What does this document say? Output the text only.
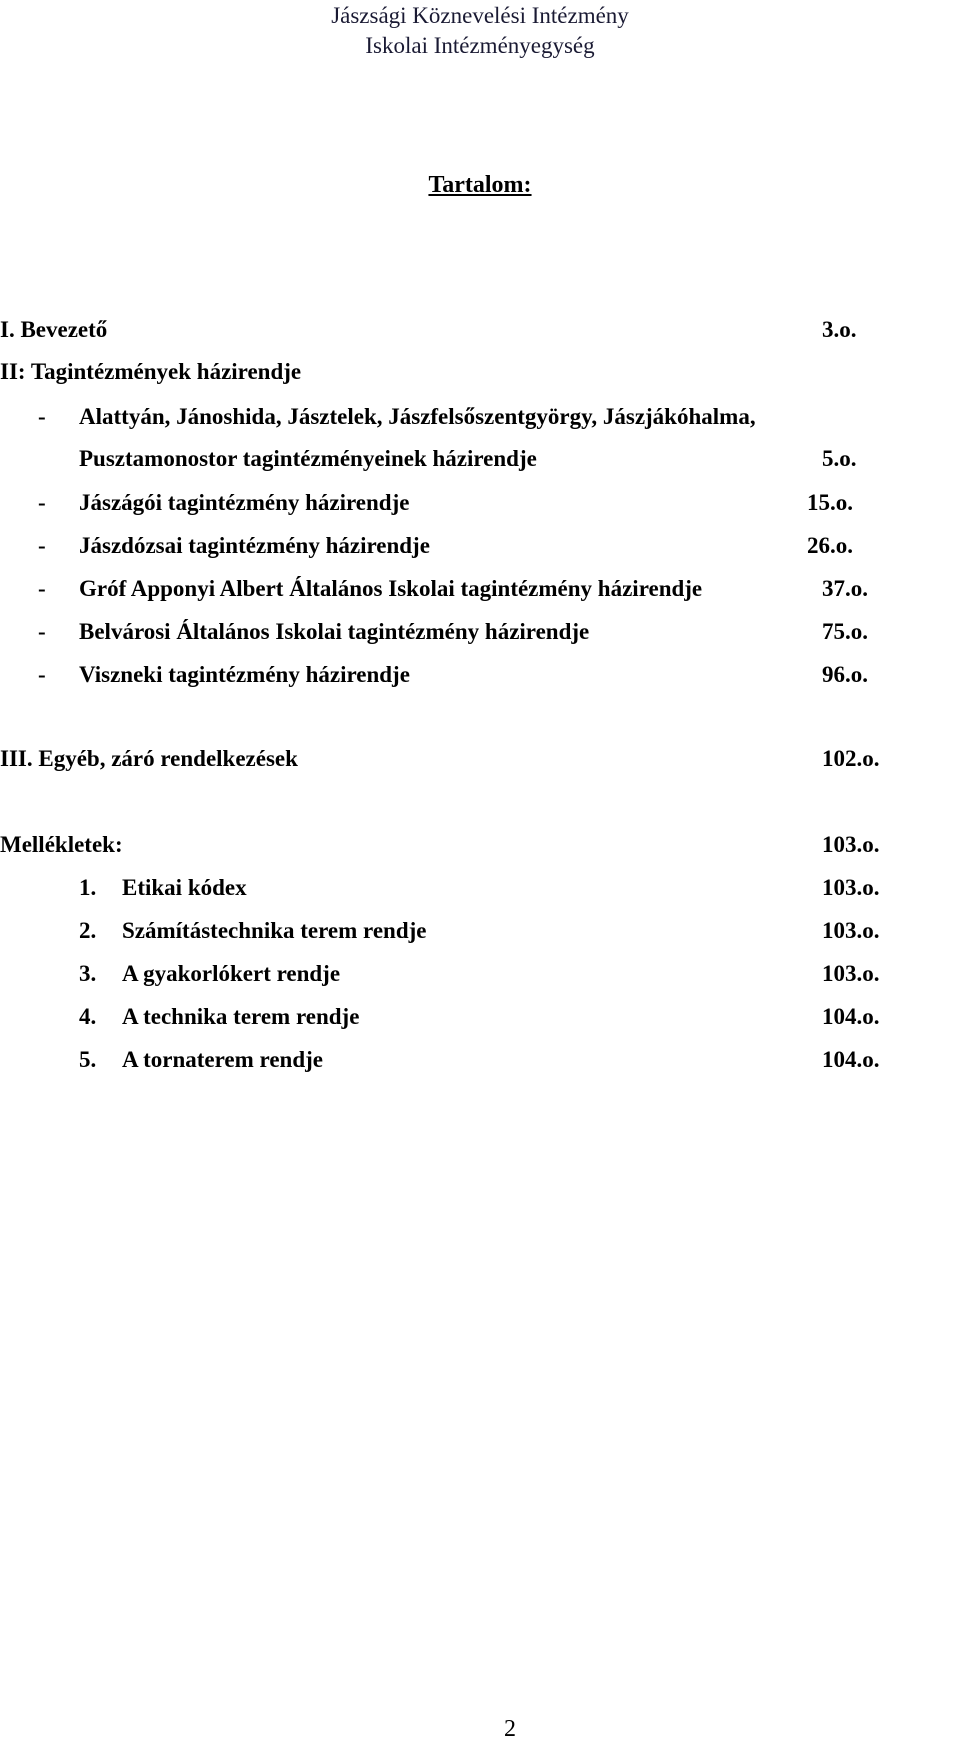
Jászsági Köznevelési Intézmény
Iskolai Intézményegység
Tartalom:
I. Bevezető	3.o.
II: Tagintézmények házirendje
- Alattyán, Jánoshida, Jásztelek, Jászfelsőszentgyörgy, Jászjákóhalma,
Pusztamonostor tagintézményeinek házirendje	5.o.
- Jászágói tagintézmény házirendje	15.o.
- Jászdózsai tagintézmény házirendje	26.o.
- Gróf Apponyi Albert Általános Iskolai tagintézmény házirendje	37.o.
- Belvárosi Általános Iskolai tagintézmény házirendje	75.o.
- Viszneki tagintézmény házirendje	96.o.
III. Egyéb, záró rendelkezések	102.o.
Mellékletek:	103.o.
1. Etikai kódex	103.o.
2. Számítástechnika terem rendje	103.o.
3. A gyakorlókert rendje	103.o.
4. A technika terem rendje	104.o.
5. A tornaterem rendje	104.o.
2
